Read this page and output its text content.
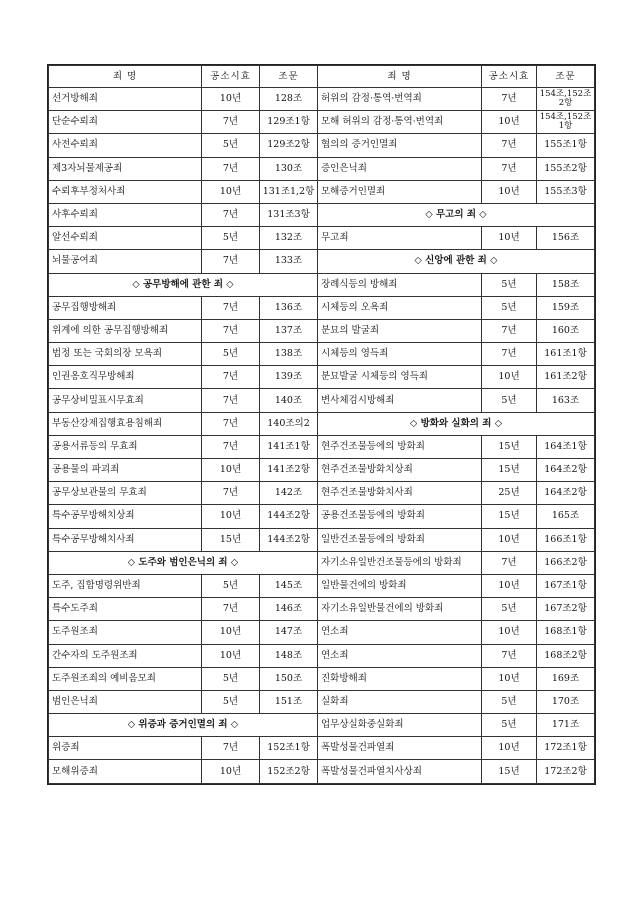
죄 명	공소시효	조문	죄 명	공소시효	조문
선거방해죄	10년	128조	허위의 감정·통역·번역죄	7년	154조,152조2항
단순수뢰죄	7년	129조1항	모해 허위의 감정·통역·번역죄	10년	154조,152조1항
사전수뢰죄	5년	129조2항	협의의 증거인멸죄	7년	155조1항
제3자뇌물제공죄	7년	130조	증인은닉죄	7년	155조2항
수뢰후부정처사죄	10년	131조1,2항	모해증거인멸죄	10년	155조3항
사후수뢰죄	7년	131조3항	◇ 무고의 죄 ◇		
알선수뢰죄	5년	132조	무고죄	10년	156조
뇌물공여죄	7년	133조	◇ 신앙에 관한 죄 ◇		
◇ 공무방해에 관한 죄 ◇			장례식등의 방해죄	5년	158조
공무집행방해죄	7년	136조	시체등의 오욕죄	5년	159조
위계에 의한 공무집행방해죄	7년	137조	분묘의 발굴죄	7년	160조
법정 또는 국회의장 모욕죄	5년	138조	시체등의 영득죄	7년	161조1항
인권옹호직무방해죄	7년	139조	분묘발굴 시체등의 영득죄	10년	161조2항
공무상비밀표시무효죄	7년	140조	변사체검시방해죄	5년	163조
부동산강제집행효용침해죄	7년	140조의2	◇ 방화와 실화의 죄 ◇		
공용서류등의 무효죄	7년	141조1항	현주건조물등에의 방화죄	15년	164조1항
공용물의 파괴죄	10년	141조2항	현주건조물방화치상죄	15년	164조2항
공무상보관물의 무효죄	7년	142조	현주건조물방화치사죄	25년	164조2항
특수공무방해치상죄	10년	144조2항	공용건조물등에의 방화죄	15년	165조
특수공무방해치사죄	15년	144조2항	일반건조물등에의 방화죄	10년	166조1항
◇ 도주와 범인은닉의 죄 ◇			자기소유일반건조물등에의 방화죄	7년	166조2항
도주, 집합명령위반죄	5년	145조	일반물건에의 방화죄	10년	167조1항
특수도주죄	7년	146조	자기소유일반물건에의 방화죄	5년	167조2항
도주원조죄	10년	147조	연소죄	10년	168조1항
간수자의 도주원조죄	10년	148조	연소죄	7년	168조2항
도주원조죄의 예비음모죄	5년	150조	진화방해죄	10년	169조
범인은닉죄	5년	151조	실화죄	5년	170조
◇ 위증과 증거인멸의 죄 ◇			업무상실화중실화죄	5년	171조
위증죄	7년	152조1항	폭발성물건파열죄	10년	172조1항
모해위증죄	10년	152조2항	폭발성물건파열치사상죄	15년	172조2항
